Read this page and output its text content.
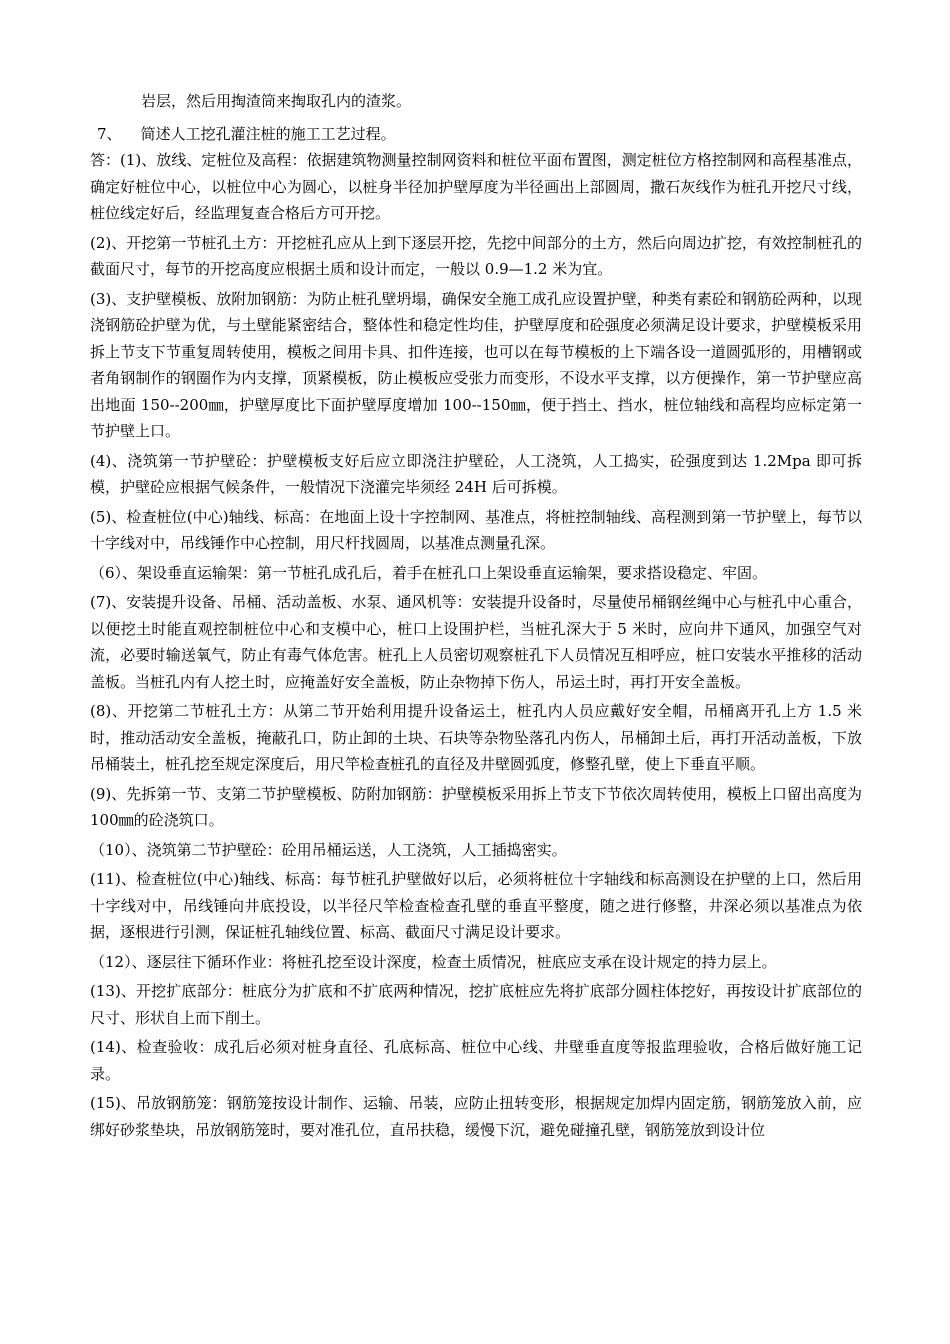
岩层，然后用掏渣筒来掏取孔内的渣浆。

7、 简述人工挖孔灌注桩的施工工艺过程。

答：(1)、放线、定桩位及高程：依据建筑物测量控制网资料和桩位平面布置图，测定桩位方格控制网和高程基准点，确定好桩位中心，以桩位中心为圆心，以桩身半径加护壁厚度为半径画出上部圆周，撒石灰线作为桩孔开挖尺寸线，桩位线定好后，经监理复查合格后方可开挖。

(2)、开挖第一节桩孔土方：开挖桩孔应从上到下逐层开挖，先挖中间部分的土方，然后向周边扩挖，有效控制桩孔的截面尺寸，每节的开挖高度应根据土质和设计而定，一般以 0.9—1.2 米为宜。

(3)、支护壁模板、放附加钢筋：为防止桩孔壁坍塌，确保安全施工成孔应设置护壁，种类有素砼和钢筋砼两种，以现浇钢筋砼护壁为优，与土壁能紧密结合，整体性和稳定性均佳，护壁厚度和砼强度必须满足设计要求，护壁模板采用拆上节支下节重复周转使用，模板之间用卡具、扣件连接，也可以在每节模板的上下端各设一道圆弧形的，用槽钢或者角钢制作的钢圈作为内支撑，顶紧模板，防止模板应受张力而变形，不设水平支撑，以方便操作，第一节护壁应高出地面 150--200㎜，护壁厚度比下面护壁厚度增加 100--150㎜，便于挡土、挡水，桩位轴线和高程均应标定第一节护壁上口。

(4)、浇筑第一节护壁砼：护壁模板支好后应立即浇注护壁砼，人工浇筑，人工捣实，砼强度到达 1.2Mpa 即可拆模，护壁砼应根据气候条件，一般情况下浇灌完毕须经 24H 后可拆模。

(5)、检查桩位(中心)轴线、标高：在地面上设十字控制网、基准点，将桩控制轴线、高程测到第一节护壁上，每节以十字线对中，吊线锤作中心控制，用尺杆找圆周，以基准点测量孔深。

（6）、架设垂直运输架：第一节桩孔成孔后，着手在桩孔口上架设垂直运输架，要求搭设稳定、牢固。

(7)、安装提升设备、吊桶、活动盖板、水泵、通风机等：安装提升设备时，尽量使吊桶钢丝绳中心与桩孔中心重合，以便挖土时能直观控制桩位中心和支模中心，桩口上设围护栏，当桩孔深大于 5 米时，应向井下通风，加强空气对流，必要时输送氧气，防止有毒气体危害。桩孔上人员密切观察桩孔下人员情况互相呼应，桩口安装水平推移的活动盖板。当桩孔内有人挖土时，应掩盖好安全盖板，防止杂物掉下伤人，吊运土时，再打开安全盖板。

(8)、开挖第二节桩孔土方：从第二节开始利用提升设备运土，桩孔内人员应戴好安全帽，吊桶离开孔上方 1.5 米时，推动活动安全盖板，掩蔽孔口，防止卸的土块、石块等杂物坠落孔内伤人，吊桶卸土后，再打开活动盖板，下放吊桶装土，桩孔挖至规定深度后，用尺竿检查桩孔的直径及井壁圆弧度，修整孔壁，使上下垂直平顺。

(9)、先拆第一节、支第二节护壁模板、防附加钢筋：护壁模板采用拆上节支下节依次周转使用，模板上口留出高度为 100㎜的砼浇筑口。

（10）、浇筑第二节护壁砼：砼用吊桶运送，人工浇筑，人工插捣密实。

(11)、检查桩位(中心)轴线、标高：每节桩孔护壁做好以后，必须将桩位十字轴线和标高测设在护壁的上口，然后用十字线对中，吊线锤向井底投设，以半径尺竿检查检查孔壁的垂直平整度，随之进行修整，井深必须以基准点为依据，逐根进行引测，保证桩孔轴线位置、标高、截面尺寸满足设计要求。

（12）、逐层往下循环作业：将桩孔挖至设计深度，检查土质情况，桩底应支承在设计规定的持力层上。

(13)、开挖扩底部分：桩底分为扩底和不扩底两种情况，挖扩底桩应先将扩底部分圆柱体挖好，再按设计扩底部位的尺寸、形状自上而下削土。

(14)、检查验收：成孔后必须对桩身直径、孔底标高、桩位中心线、井壁垂直度等报监理验收，合格后做好施工记录。

(15)、吊放钢筋笼：钢筋笼按设计制作、运输、吊装，应防止扭转变形，根据规定加焊内固定筋，钢筋笼放入前，应绑好砂浆垫块，吊放钢筋笼时，要对准孔位，直吊扶稳，缓慢下沉，避免碰撞孔壁，钢筋笼放到设计位
